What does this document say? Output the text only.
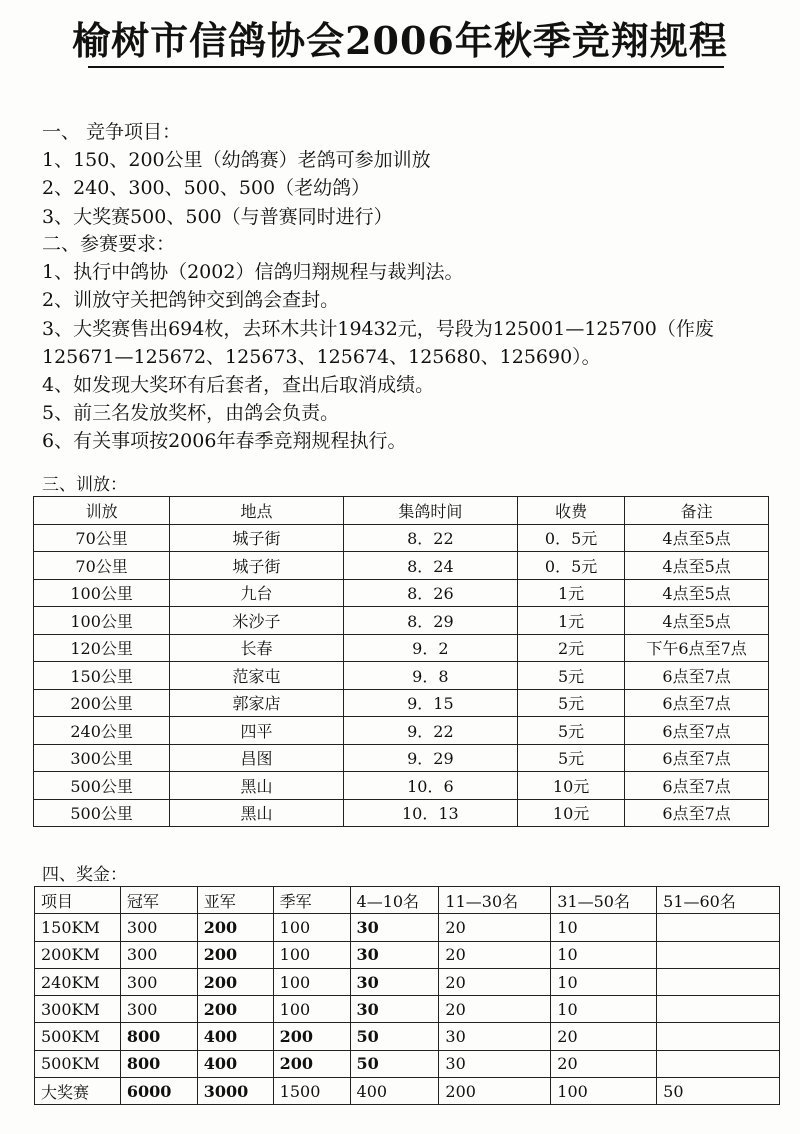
榆树市信鸽协会2006年秋季竞翔规程
一、 竞争项目：
1、150、200公里（幼鸽赛）老鸽可参加训放
2、240、300、500、500（老幼鸽）
3、大奖赛500、500（与普赛同时进行）
二、参赛要求：
1、执行中鸽协（2002）信鸽归翔规程与裁判法。
2、训放守关把鸽钟交到鸽会查封。
3、大奖赛售出694枚，去环木共计19432元，号段为125001—125700（作废125671—125672、125673、125674、125680、125690）。
4、如发现大奖环有后套者，查出后取消成绩。
5、前三名发放奖杯，由鸽会负责。
6、有关事项按2006年春季竞翔规程执行。
三、训放：
训放	地点	集鸽时间	收费	备注
70公里	城子街	8．22	0．5元	4点至5点
70公里	城子街	8．24	0．5元	4点至5点
100公里	九台	8．26	1元	4点至5点
100公里	米沙子	8．29	1元	4点至5点
120公里	长春	9．2	2元	下午6点至7点
150公里	范家屯	9．8	5元	6点至7点
200公里	郭家店	9．15	5元	6点至7点
240公里	四平	9．22	5元	6点至7点
300公里	昌图	9．29	5元	6点至7点
500公里	黑山	10．6	10元	6点至7点
500公里	黑山	10．13	10元	6点至7点
四、奖金：
项目	冠军	亚军	季军	4—10名	11—30名	31—50名	51—60名
150KM	300	200	100	30	20	10	
200KM	300	200	100	30	20	10	
240KM	300	200	100	30	20	10	
300KM	300	200	100	30	20	10	
500KM	800	400	200	50	30	20	
500KM	800	400	200	50	30	20	
大奖赛	6000	3000	1500	400	200	100	50
